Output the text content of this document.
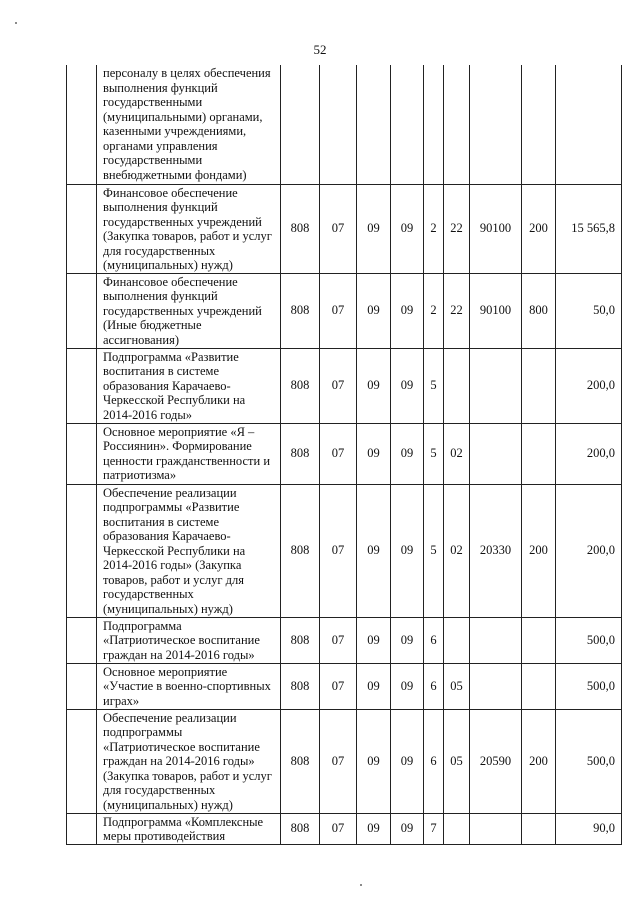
52
	персоналу в целях обеспечения выполнения функций государственными (муниципальными) органами, казенными учреждениями, органами управления государственными внебюджетными фондами)									
	Финансовое обеспечение выполнения функций государственных учреждений (Закупка товаров, работ и услуг для государственных (муниципальных) нужд)	808	07	09	09	2	22	90100	200	15 565,8
	Финансовое обеспечение выполнения функций государственных учреждений (Иные бюджетные ассигнования)	808	07	09	09	2	22	90100	800	50,0
	Подпрограмма «Развитие воспитания в системе образования Карачаево-Черкесской Республики на 2014-2016 годы»	808	07	09	09	5				200,0
	Основное мероприятие «Я – Россиянин». Формирование ценности гражданственности и патриотизма»	808	07	09	09	5	02			200,0
	Обеспечение реализации подпрограммы «Развитие воспитания в системе образования Карачаево-Черкесской Республики на 2014-2016 годы» (Закупка товаров, работ и услуг для государственных (муниципальных) нужд)	808	07	09	09	5	02	20330	200	200,0
	Подпрограмма «Патриотическое воспитание граждан на 2014-2016 годы»	808	07	09	09	6				500,0
	Основное мероприятие «Участие в военно-спортивных играх»	808	07	09	09	6	05			500,0
	Обеспечение реализации подпрограммы «Патриотическое воспитание граждан на 2014-2016 годы» (Закупка товаров, работ и услуг для государственных (муниципальных) нужд)	808	07	09	09	6	05	20590	200	500,0
	Подпрограмма «Комплексные меры противодействия	808	07	09	09	7				90,0
